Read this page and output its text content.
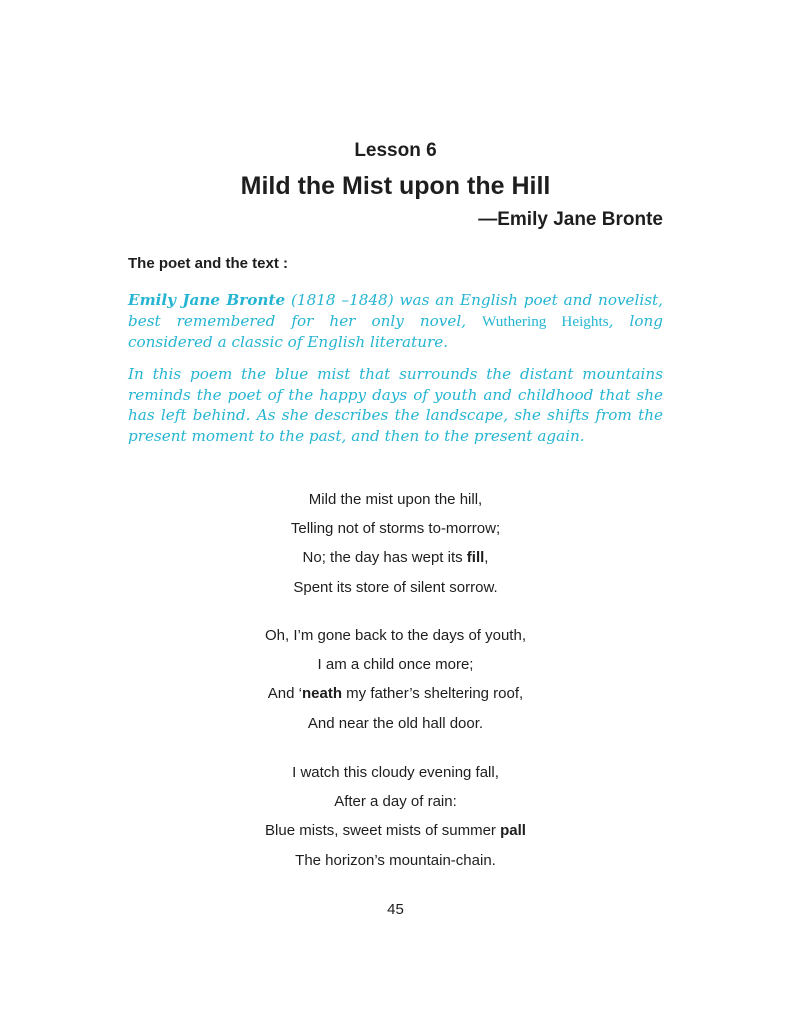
Lesson 6
Mild the Mist upon the Hill
—Emily Jane Bronte
The poet and the text :

Emily Jane Bronte (1818 –1848) was an English poet and novelist, best remembered for her only novel, Wuthering Heights, long considered a classic of English literature.

In this poem the blue mist that surrounds the distant mountains reminds the poet of the happy days of youth and childhood that she has left behind. As she describes the landscape, she shifts from the present moment to the past, and then to the present again.

Mild the mist upon the hill,
Telling not of storms to-morrow;
No; the day has wept its fill,
Spent its store of silent sorrow.
Oh, I’m gone back to the days of youth,
I am a child once more;
And ‘neath my father’s sheltering roof,
And near the old hall door.
I watch this cloudy evening fall,
After a day of rain:
Blue mists, sweet mists of summer pall
The horizon’s mountain-chain.
45
